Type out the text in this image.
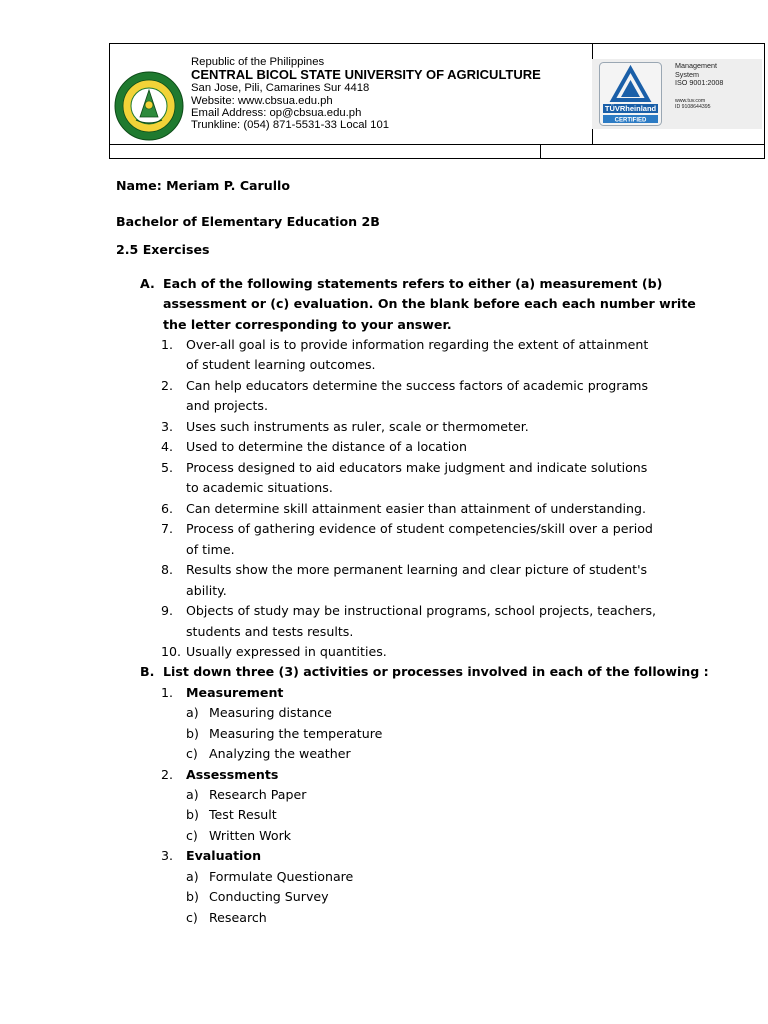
Republic of the Philippines
CENTRAL BICOL STATE UNIVERSITY OF AGRICULTURE
San Jose, Pili, Camarines Sur 4418
Website: www.cbsua.edu.ph
Email Address: op@cbsua.edu.ph
Trunkline: (054) 871-5531-33 Local 101
TÜVRheinland
CERTIFIED
Management
System
ISO 9001:2008
www.tuv.com
ID 9108644395
Name: Meriam P. Carullo
Bachelor of Elementary Education 2B
2.5 Exercises
A. Each of the following statements refers to either (a) measurement (b)
assessment or (c) evaluation. On the blank before each each number write
the letter corresponding to your answer.
1. Over-all goal is to provide information regarding the extent of attainment
of student learning outcomes.
2. Can help educators determine the success factors of academic programs
and projects.
3. Uses such instruments as ruler, scale or thermometer.
4. Used to determine the distance of a location
5. Process designed to aid educators make judgment and indicate solutions
to academic situations.
6. Can determine skill attainment easier than attainment of understanding.
7. Process of gathering evidence of student competencies/skill over a period
of time.
8. Results show the more permanent learning and clear picture of student's
ability.
9. Objects of study may be instructional programs, school projects, teachers,
students and tests results.
10. Usually expressed in quantities.
B. List down three (3) activities or processes involved in each of the following :
1. Measurement
a) Measuring distance
b) Measuring the temperature
c) Analyzing the weather
2. Assessments
a) Research Paper
b) Test Result
c) Written Work
3. Evaluation
a) Formulate Questionare
b) Conducting Survey
c) Research
